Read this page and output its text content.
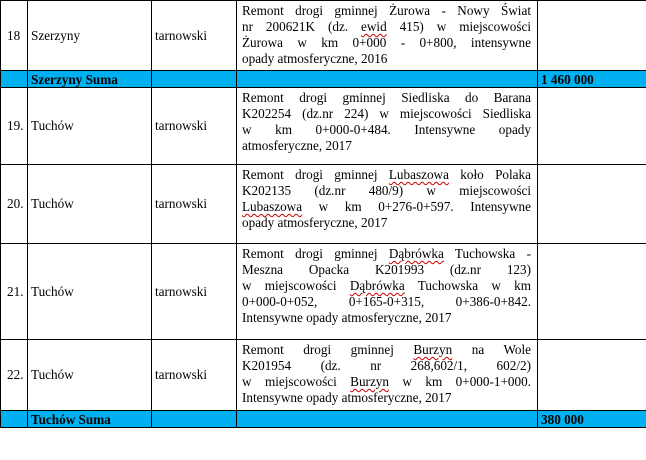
18	Szerzyny	tarnowski	Remont drogi gminnej Żurowa - Nowy Świat
nr 200621K (dz. ewid 415) w miejscowości
Żurowa w km 0+000 - 0+800, intensywne
opady atmosferyczne, 2016	

	Szerzyny Suma			1 460 000
19.	Tuchów	tarnowski	Remont drogi gminnej Siedliska do Barana
K202254 (dz.nr 224) w miejscowości Siedliska
w km 0+000-0+484. Intensywne opady
atmosferyczne, 2017	

20.	Tuchów	tarnowski	Remont drogi gminnej Lubaszowa koło Polaka
K202135 (dz.nr 480/9) w miejscowości
Lubaszowa w km 0+276-0+597. Intensywne
opady atmosferyczne, 2017	

21.	Tuchów	tarnowski	Remont drogi gminnej Dąbrówka Tuchowska -
Meszna Opacka K201993 (dz.nr 123)
w miejscowości Dąbrówka Tuchowska w km
0+000-0+052, 0+165-0+315, 0+386-0+842.
Intensywne opady atmosferyczne, 2017	

22.	Tuchów	tarnowski	Remont drogi gminnej Burzyn na Wole
K201954 (dz. nr 268,602/1, 602/2)
w miejscowości Burzyn w km 0+000-1+000.
Intensywne opady atmosferyczne, 2017	

	Tuchów Suma			380 000
